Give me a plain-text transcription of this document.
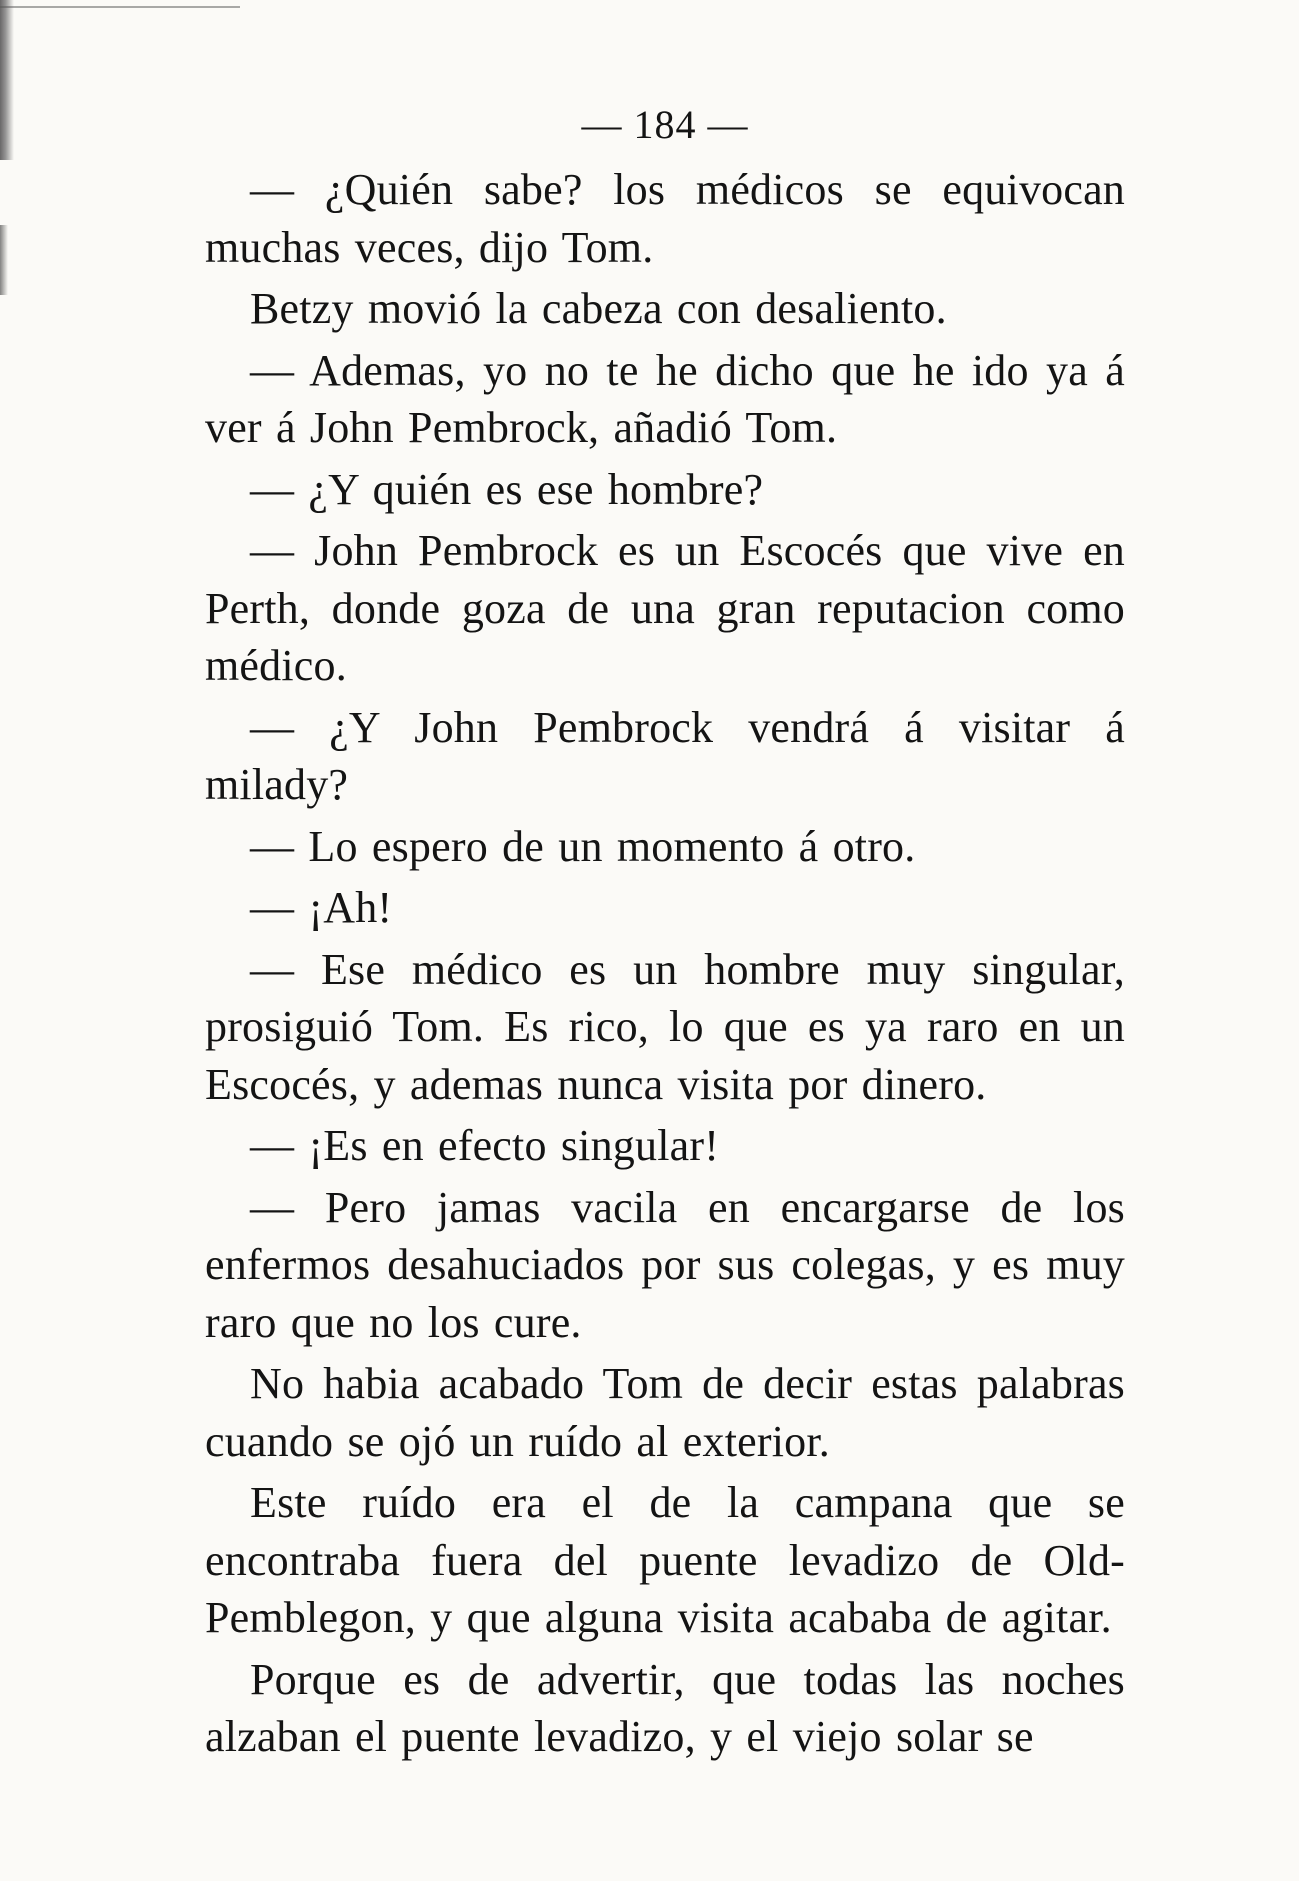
— 184 —

— ¿Quién sabe? los médicos se equivocan muchas veces, dijo Tom.

Betzy movió la cabeza con desaliento.

— Ademas, yo no te he dicho que he ido ya á ver á John Pembrock, añadió Tom.

— ¿Y quién es ese hombre?

— John Pembrock es un Escocés que vive en Perth, donde goza de una gran reputacion como médico.

— ¿Y John Pembrock vendrá á visitar á milady?

— Lo espero de un momento á otro.

— ¡Ah!

— Ese médico es un hombre muy singular, prosiguió Tom. Es rico, lo que es ya raro en un Escocés, y ademas nunca visita por dinero.

— ¡Es en efecto singular!

— Pero jamas vacila en encargarse de los enfermos desahuciados por sus colegas, y es muy raro que no los cure.

No habia acabado Tom de decir estas palabras cuando se ojó un ruído al exterior.

Este ruído era el de la campana que se encontraba fuera del puente levadizo de Old-Pemblegon, y que alguna visita acababa de agitar.

Porque es de advertir, que todas las noches alzaban el puente levadizo, y el viejo solar se
